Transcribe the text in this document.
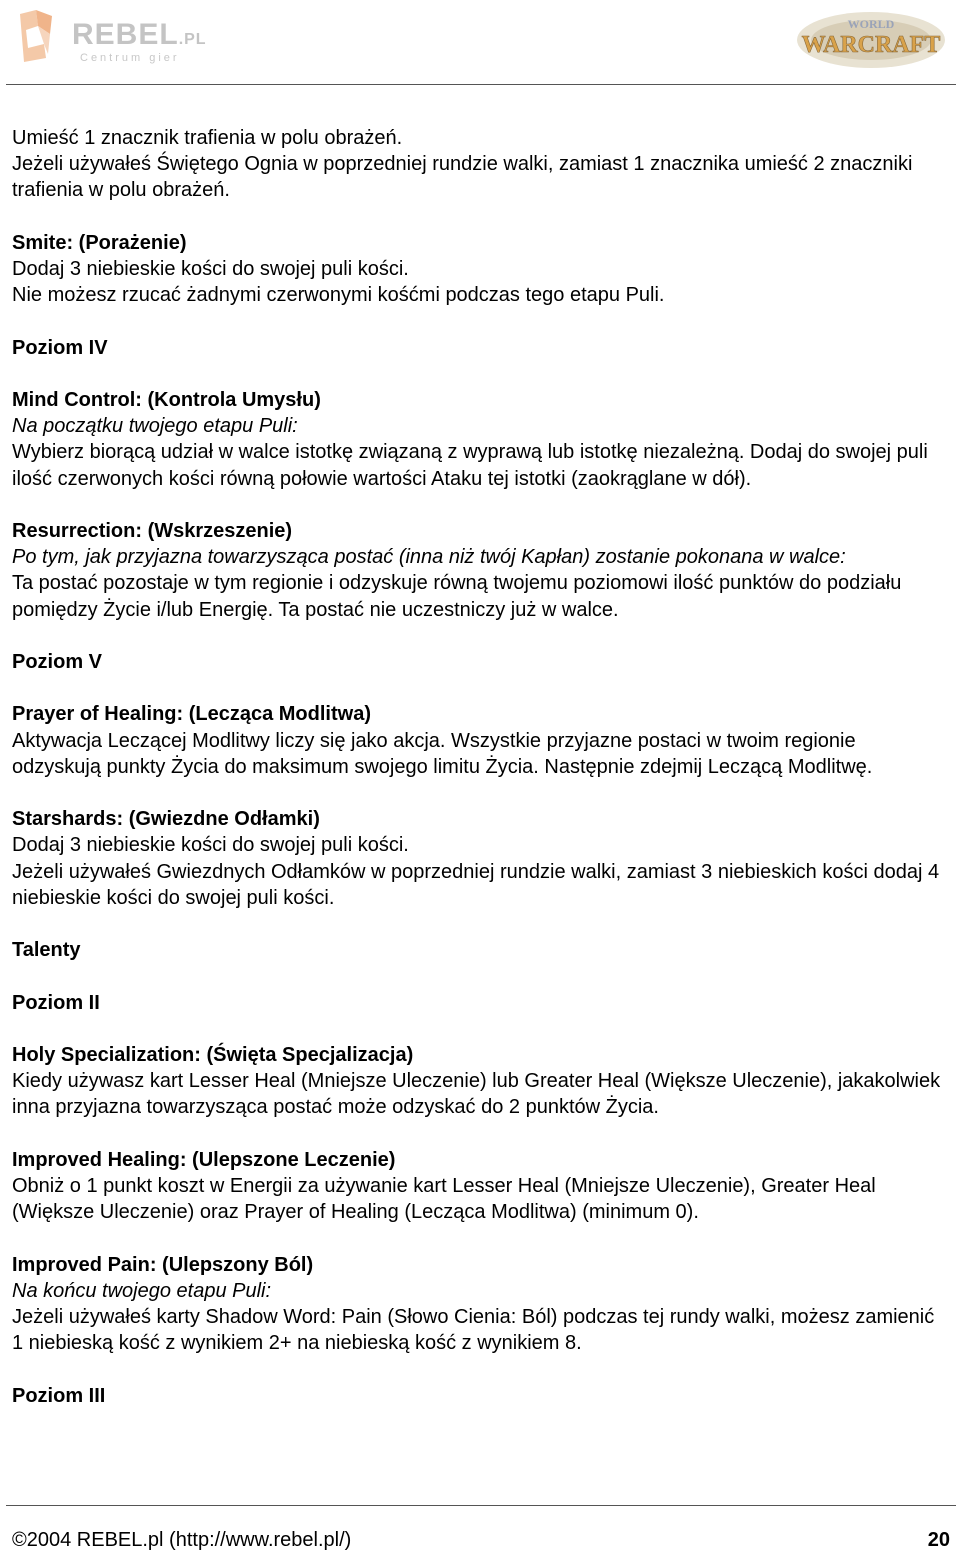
REBEL.PL
Centrum gier
WORLD
WARCRAFT

Umieść 1 znacznik trafienia w polu obrażeń.

Jeżeli używałeś Świętego Ognia w poprzedniej rundzie walki, zamiast 1 znacznika umieść 2 znaczniki trafienia w polu obrażeń.

Smite: (Porażenie)

Dodaj 3 niebieskie kości do swojej puli kości.

Nie możesz rzucać żadnymi czerwonymi kośćmi podczas tego etapu Puli.

Poziom IV

Mind Control: (Kontrola Umysłu)

Na początku twojego etapu Puli:

Wybierz biorącą udział w walce istotkę związaną z wyprawą lub istotkę niezależną. Dodaj do swojej puli ilość czerwonych kości równą połowie wartości Ataku tej istotki (zaokrąglane w dół).

Resurrection: (Wskrzeszenie)

Po tym, jak przyjazna towarzysząca postać (inna niż twój Kapłan) zostanie pokonana w walce:

Ta postać pozostaje w tym regionie i odzyskuje równą twojemu poziomowi ilość punktów do podziału pomiędzy Życie i/lub Energię. Ta postać nie uczestniczy już w walce.

Poziom V

Prayer of Healing: (Lecząca Modlitwa)

Aktywacja Leczącej Modlitwy liczy się jako akcja. Wszystkie przyjazne postaci w twoim regionie odzyskują punkty Życia do maksimum swojego limitu Życia. Następnie zdejmij Leczącą Modlitwę.

Starshards: (Gwiezdne Odłamki)

Dodaj 3 niebieskie kości do swojej puli kości.

Jeżeli używałeś Gwiezdnych Odłamków w poprzedniej rundzie walki, zamiast 3 niebieskich kości dodaj 4 niebieskie kości do swojej puli kości.

Talenty

Poziom II

Holy Specialization: (Święta Specjalizacja)

Kiedy używasz kart Lesser Heal (Mniejsze Uleczenie) lub Greater Heal (Większe Uleczenie), jakakolwiek inna przyjazna towarzysząca postać może odzyskać do 2 punktów Życia.

Improved Healing: (Ulepszone Leczenie)

Obniż o 1 punkt koszt w Energii za używanie kart Lesser Heal (Mniejsze Uleczenie), Greater Heal (Większe Uleczenie) oraz Prayer of Healing (Lecząca Modlitwa) (minimum 0).

Improved Pain: (Ulepszony Ból)

Na końcu twojego etapu Puli:

Jeżeli używałeś karty Shadow Word: Pain (Słowo Cienia: Ból) podczas tej rundy walki, możesz zamienić 1 niebieską kość z wynikiem 2+ na niebieską kość z wynikiem 8.

Poziom III

©2004 REBEL.pl (http://www.rebel.pl/)	20
